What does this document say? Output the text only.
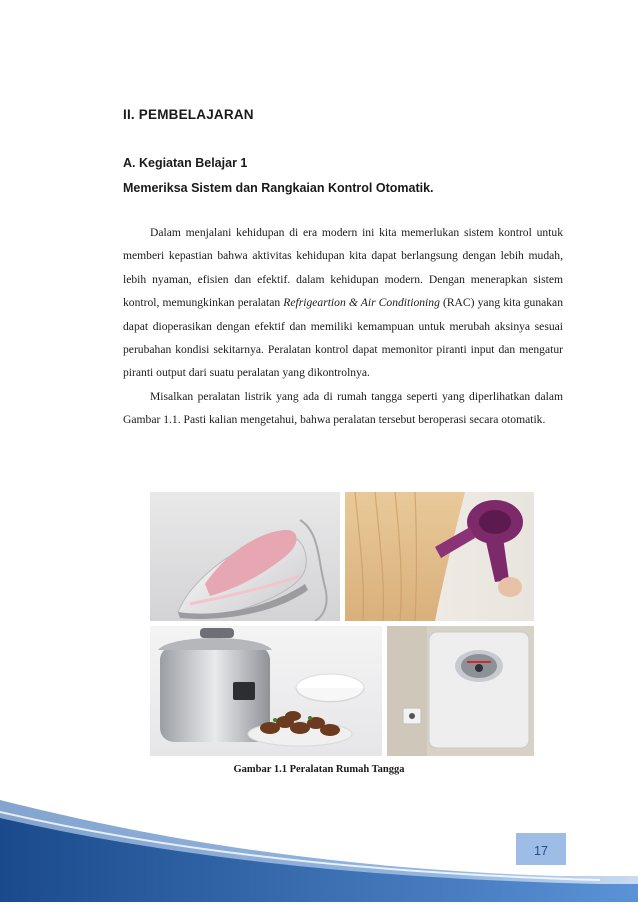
II. PEMBELAJARAN
A. Kegiatan Belajar 1
Memeriksa Sistem dan Rangkaian Kontrol Otomatik.

Dalam menjalani kehidupan di era modern ini kita memerlukan sistem kontrol untuk memberi kepastian bahwa aktivitas kehidupan kita dapat berlangsung dengan lebih mudah, lebih nyaman, efisien dan efektif. dalam kehidupan modern. Dengan menerapkan sistem kontrol, memungkinkan peralatan Refrigeartion & Air Conditioning (RAC) yang kita gunakan dapat dioperasikan dengan efektif dan memiliki kemampuan untuk merubah aksinya sesuai perubahan kondisi sekitarnya. Peralatan kontrol dapat memonitor piranti input dan mengatur piranti output dari suatu peralatan yang dikontrolnya.

Misalkan peralatan listrik yang ada di rumah tangga seperti yang diperlihatkan dalam Gambar 1.1. Pasti kalian mengetahui, bahwa peralatan tersebut beroperasi secara otomatik.

Gambar 1.1 Peralatan Rumah Tangga
17
